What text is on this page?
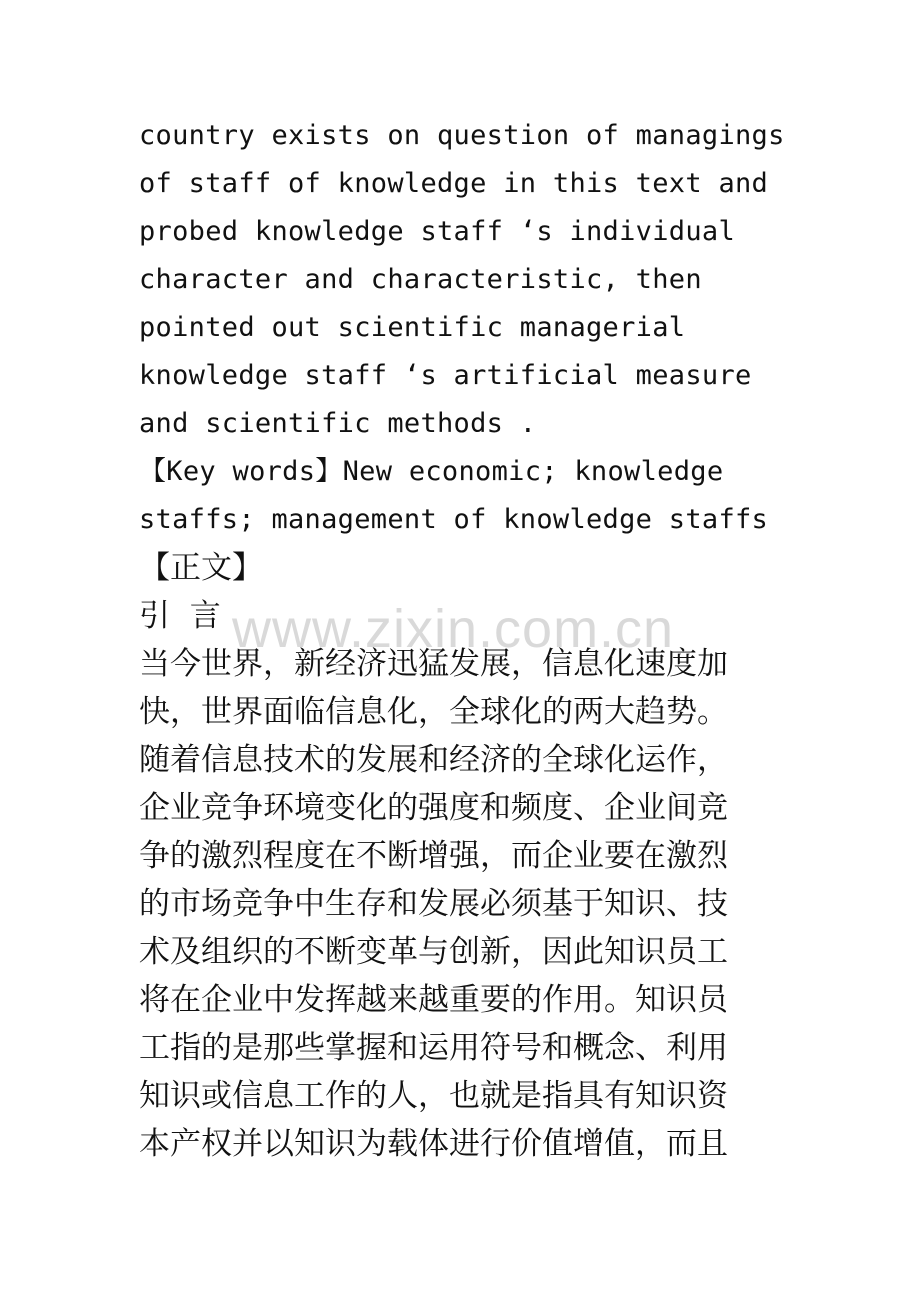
country exists on question of managings
of staff of knowledge in this text and
probed knowledge staff ‘s individual
character and characteristic, then
pointed out scientific managerial
knowledge staff ‘s artificial measure
and scientific methods .
【Key words】New economic; knowledge
staffs; management of knowledge staffs
【正文】
引  言
当今世界，新经济迅猛发展，信息化速度加
快，世界面临信息化，全球化的两大趋势。
随着信息技术的发展和经济的全球化运作，
企业竞争环境变化的强度和频度、企业间竞
争的激烈程度在不断增强，而企业要在激烈
的市场竞争中生存和发展必须基于知识、技
术及组织的不断变革与创新，因此知识员工
将在企业中发挥越来越重要的作用。知识员
工指的是那些掌握和运用符号和概念、利用
知识或信息工作的人，也就是指具有知识资
本产权并以知识为载体进行价值增值，而且
www.zixin.com.cn
